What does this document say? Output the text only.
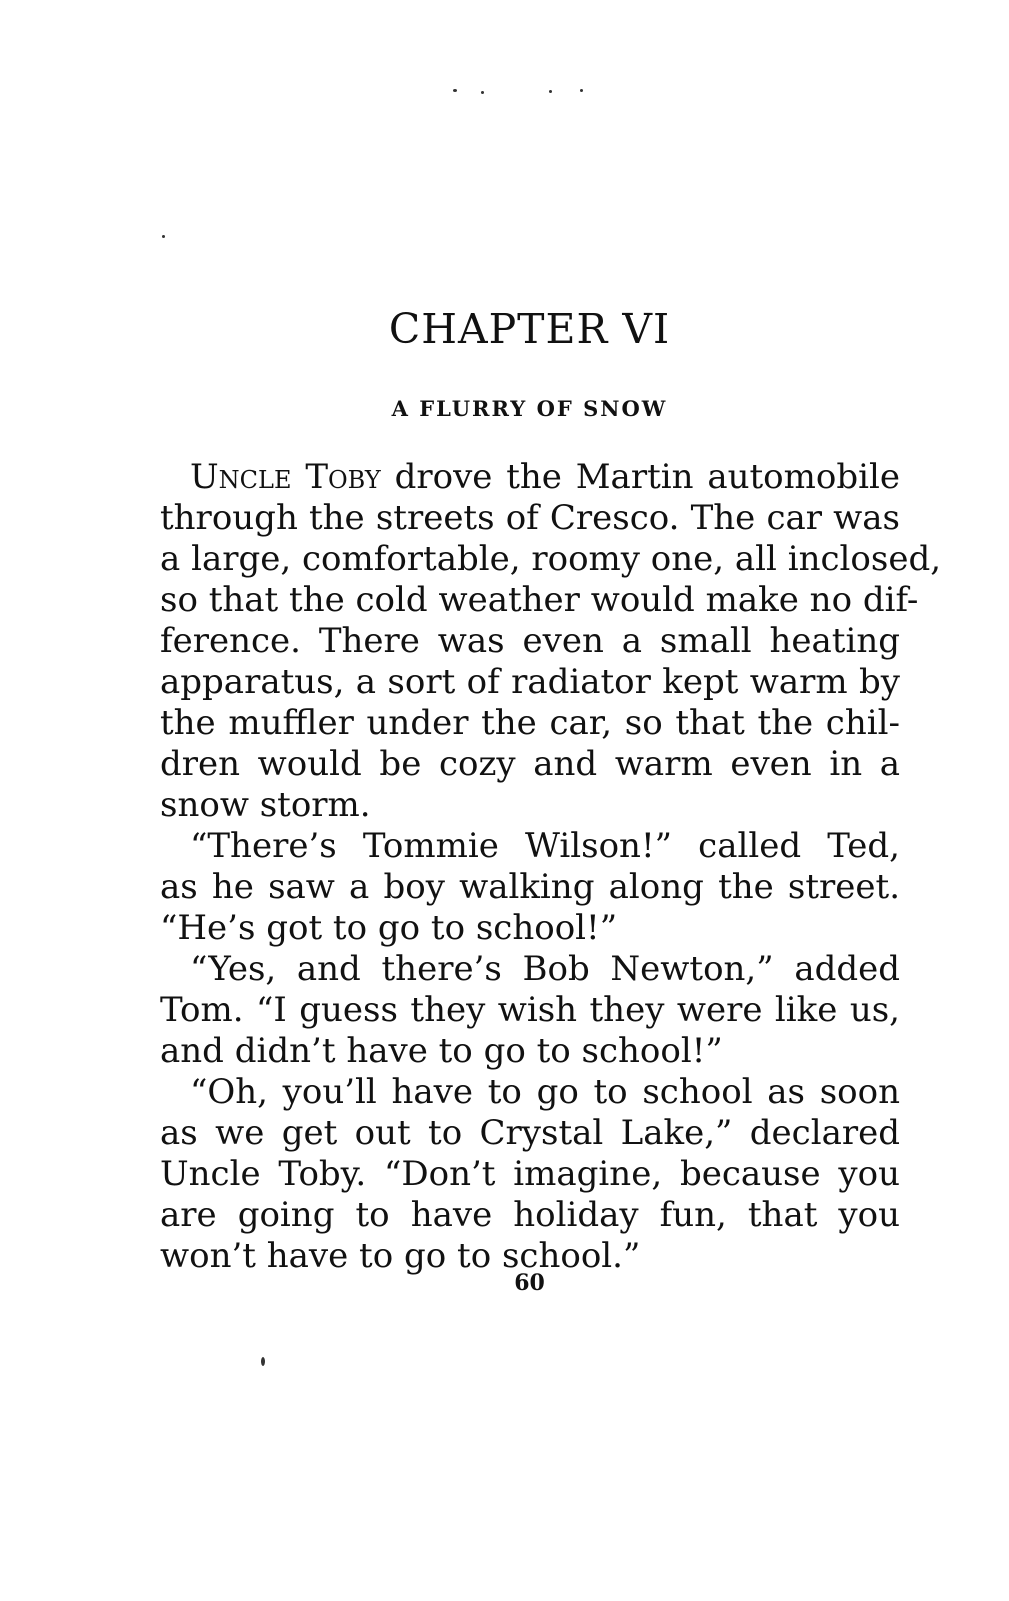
CHAPTER VI
A FLURRY OF SNOW
Uncle Toby drove the Martin automobile
through the streets of Cresco. The car was
a large, comfortable, roomy one, all inclosed,
so that the cold weather would make no dif-
ference. There was even a small heating
apparatus, a sort of radiator kept warm by
the muffler under the car, so that the chil-
dren would be cozy and warm even in a
snow storm.
“There’s Tommie Wilson!” called Ted,
as he saw a boy walking along the street.
“He’s got to go to school!”
“Yes, and there’s Bob Newton,” added
Tom. “I guess they wish they were like us,
and didn’t have to go to school!”
“Oh, you’ll have to go to school as soon
as we get out to Crystal Lake,” declared
Uncle Toby. “Don’t imagine, because you
are going to have holiday fun, that you
won’t have to go to school.”
60
